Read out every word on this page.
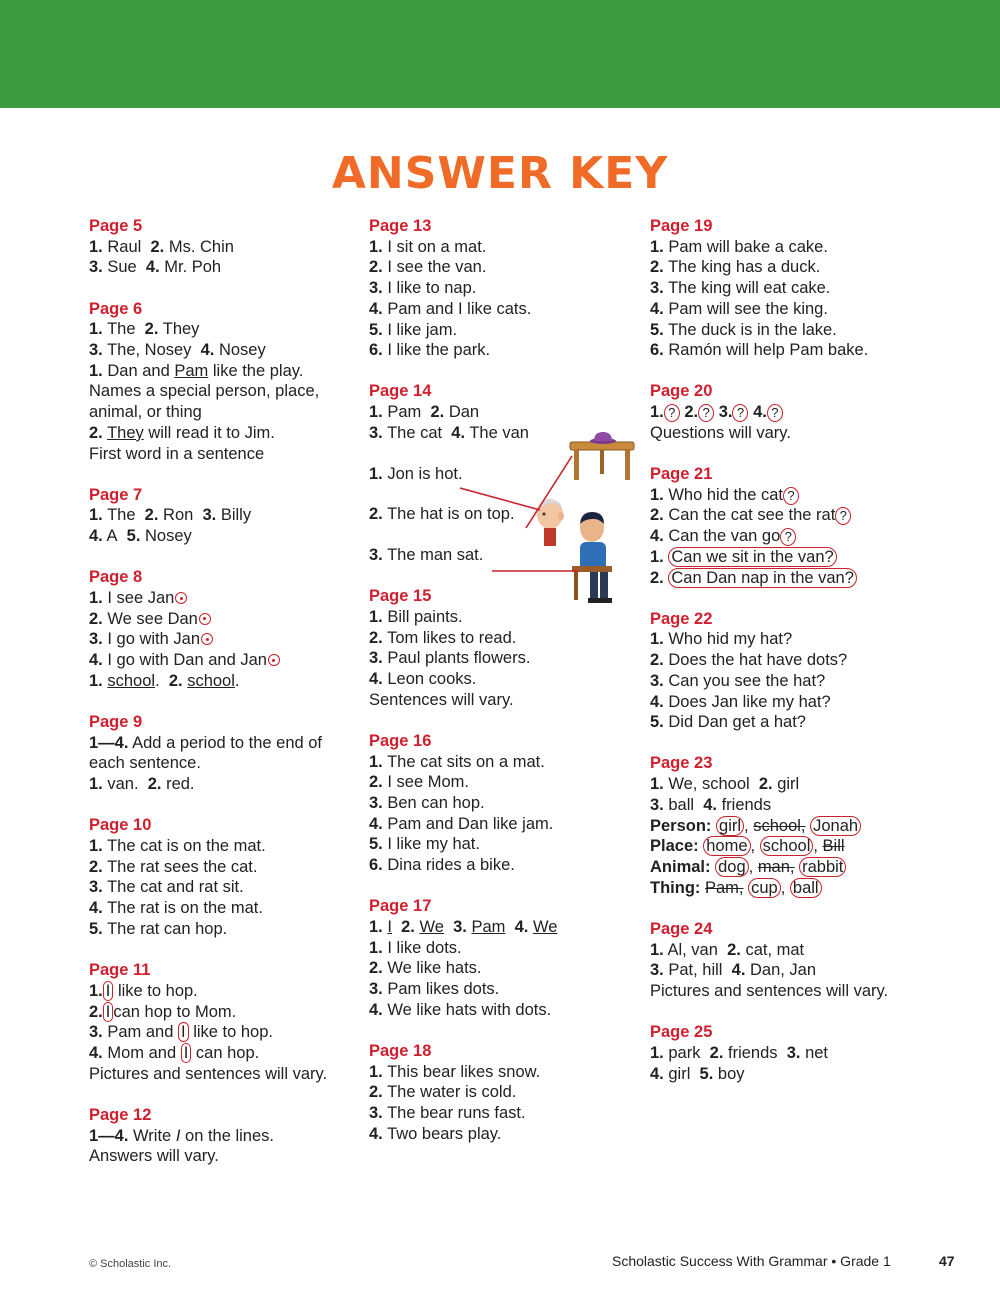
ANSWER KEY
Page 5
1. Raul 2. Ms. Chin
3. Sue 4. Mr. Poh
Page 6
1. The 2. They
3. The, Nosey 4. Nosey
1. Dan and Pam like the play.
Names a special person, place,
animal, or thing
2. They will read it to Jim.
First word in a sentence
Page 7
1. The 2. Ron 3. Billy
4. A 5. Nosey
Page 8
1. I see Jan
2. We see Dan
3. I go with Jan
4. I go with Dan and Jan
1. school. 2. school.
Page 9
1—4. Add a period to the end of
each sentence.
1. van. 2. red.
Page 10
1. The cat is on the mat.
2. The rat sees the cat.
3. The cat and rat sit.
4. The rat is on the mat.
5. The rat can hop.
Page 11
1. I like to hop.
2. I can hop to Mom.
3. Pam and I like to hop.
4. Mom and I can hop.
Pictures and sentences will vary.
Page 12
1—4. Write I on the lines.
Answers will vary.
Page 13
1. I sit on a mat.
2. I see the van.
3. I like to nap.
4. Pam and I like cats.
5. I like jam.
6. I like the park.
Page 14
1. Pam 2. Dan
3. The cat 4. The van
1. Jon is hot.
2. The hat is on top.
3. The man sat.
Page 15
1. Bill paints.
2. Tom likes to read.
3. Paul plants flowers.
4. Leon cooks.
Sentences will vary.
Page 16
1. The cat sits on a mat.
2. I see Mom.
3. Ben can hop.
4. Pam and Dan like jam.
5. I like my hat.
6. Dina rides a bike.
Page 17
1. I 2. We 3. Pam 4. We
1. I like dots.
2. We like hats.
3. Pam likes dots.
4. We like hats with dots.
Page 18
1. This bear likes snow.
2. The water is cold.
3. The bear runs fast.
4. Two bears play.
Page 19
1. Pam will bake a cake.
2. The king has a duck.
3. The king will eat cake.
4. Pam will see the king.
5. The duck is in the lake.
6. Ramón will help Pam bake.
Page 20
1. ? 2. ? 3. ? 4. ?
Questions will vary.
Page 21
1. Who hid the cat ?
2. Can the cat see the rat ?
4. Can the van go ?
1. Can we sit in the van?
2. Can Dan nap in the van?
Page 22
1. Who hid my hat?
2. Does the hat have dots?
3. Can you see the hat?
4. Does Jan like my hat?
5. Did Dan get a hat?
Page 23
1. We, school 2. girl
3. ball 4. friends
Person: girl , school, Jonah
Place: home , school , Bill
Animal: dog , man, rabbit
Thing: Pam, cup , ball
Page 24
1. Al, van 2. cat, mat
3. Pat, hill 4. Dan, Jan
Pictures and sentences will vary.
Page 25
1. park 2. friends 3. net
4. girl 5. boy
© Scholastic Inc.	Scholastic Success With Grammar • Grade 1	47
